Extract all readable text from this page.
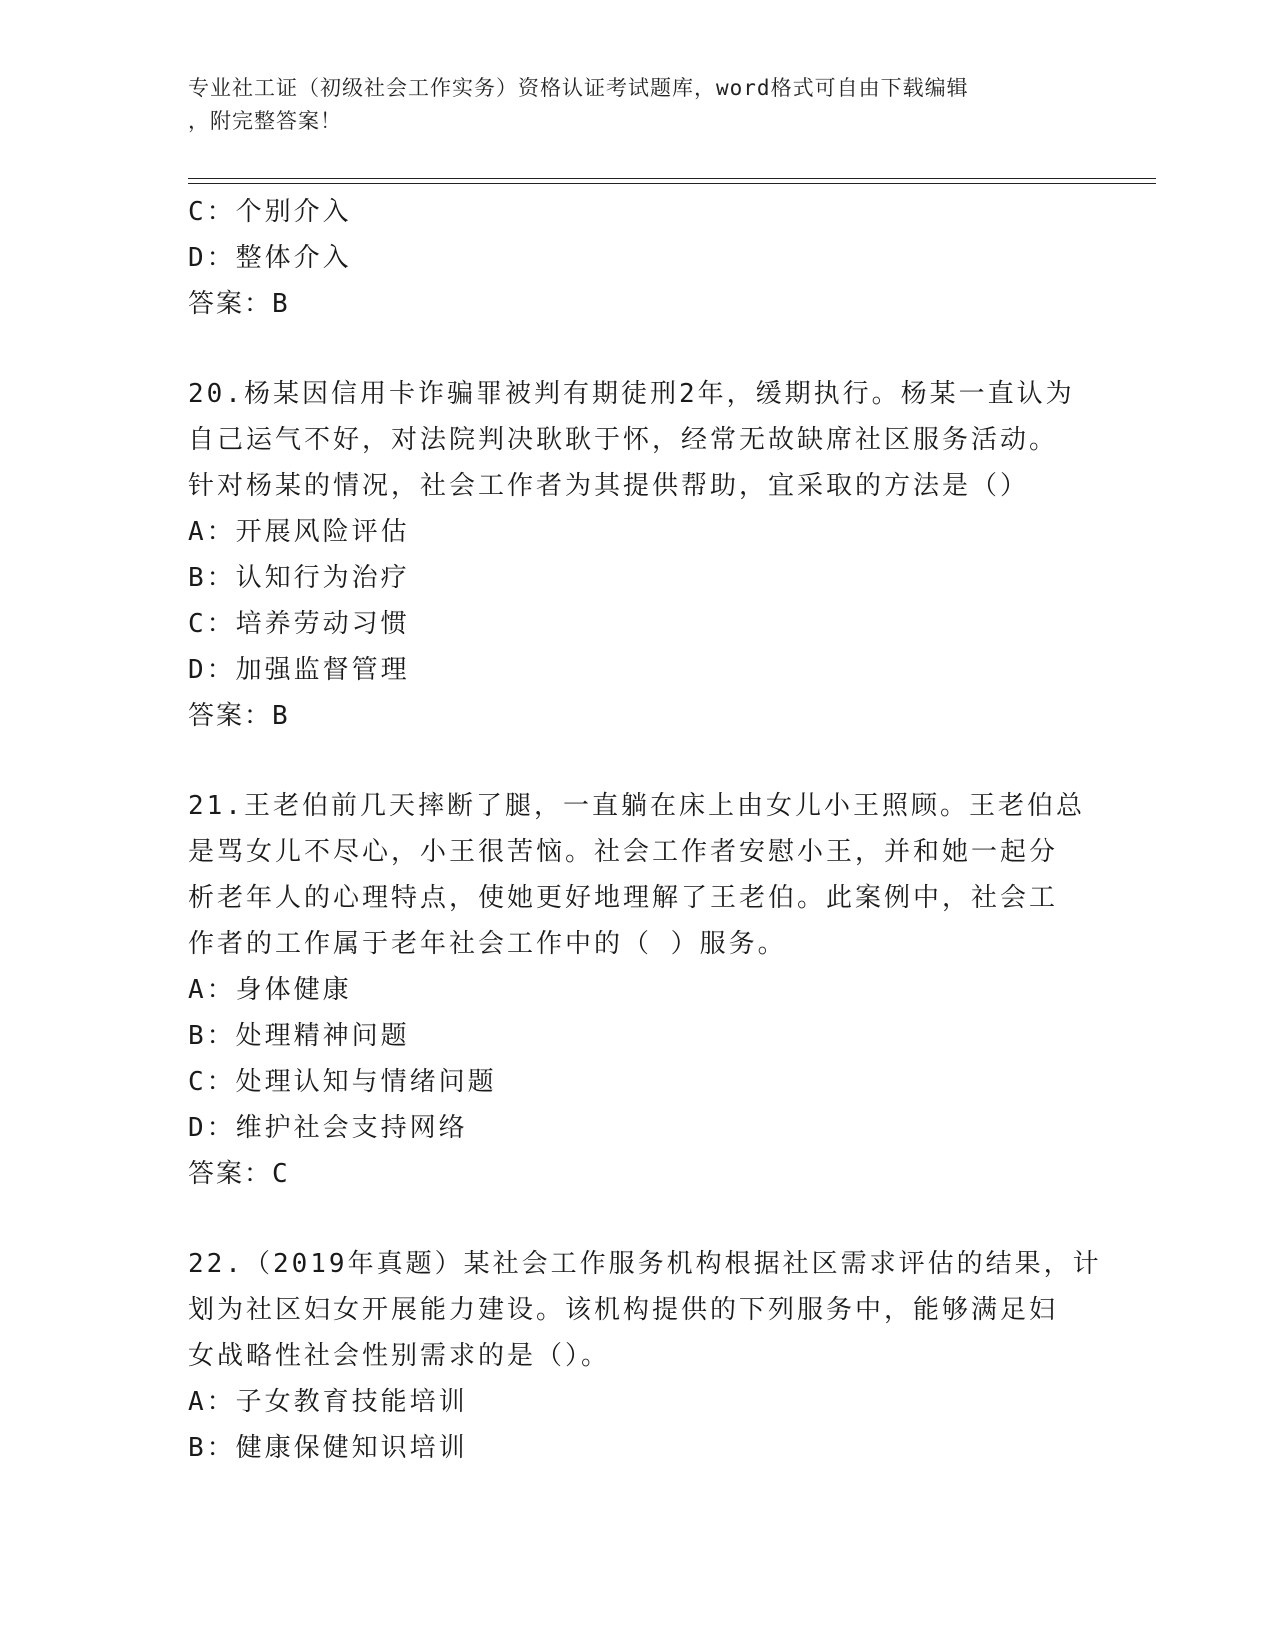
专业社工证（初级社会工作实务）资格认证考试题库，word格式可自由下载编辑
，附完整答案！
C：个别介入
D：整体介入
答案：B
20.杨某因信用卡诈骗罪被判有期徒刑2年，缓期执行。杨某一直认为
自己运气不好，对法院判决耿耿于怀，经常无故缺席社区服务活动。
针对杨某的情况，社会工作者为其提供帮助，宜采取的方法是（）
A：开展风险评估
B：认知行为治疗
C：培养劳动习惯
D：加强监督管理
答案：B
21.王老伯前几天摔断了腿，一直躺在床上由女儿小王照顾。王老伯总
是骂女儿不尽心，小王很苦恼。社会工作者安慰小王，并和她一起分
析老年人的心理特点，使她更好地理解了王老伯。此案例中，社会工
作者的工作属于老年社会工作中的（ ）服务。
A：身体健康
B：处理精神问题
C：处理认知与情绪问题
D：维护社会支持网络
答案：C
22.（2019年真题）某社会工作服务机构根据社区需求评估的结果，计
划为社区妇女开展能力建设。该机构提供的下列服务中，能够满足妇
女战略性社会性别需求的是（）。
A：子女教育技能培训
B：健康保健知识培训
